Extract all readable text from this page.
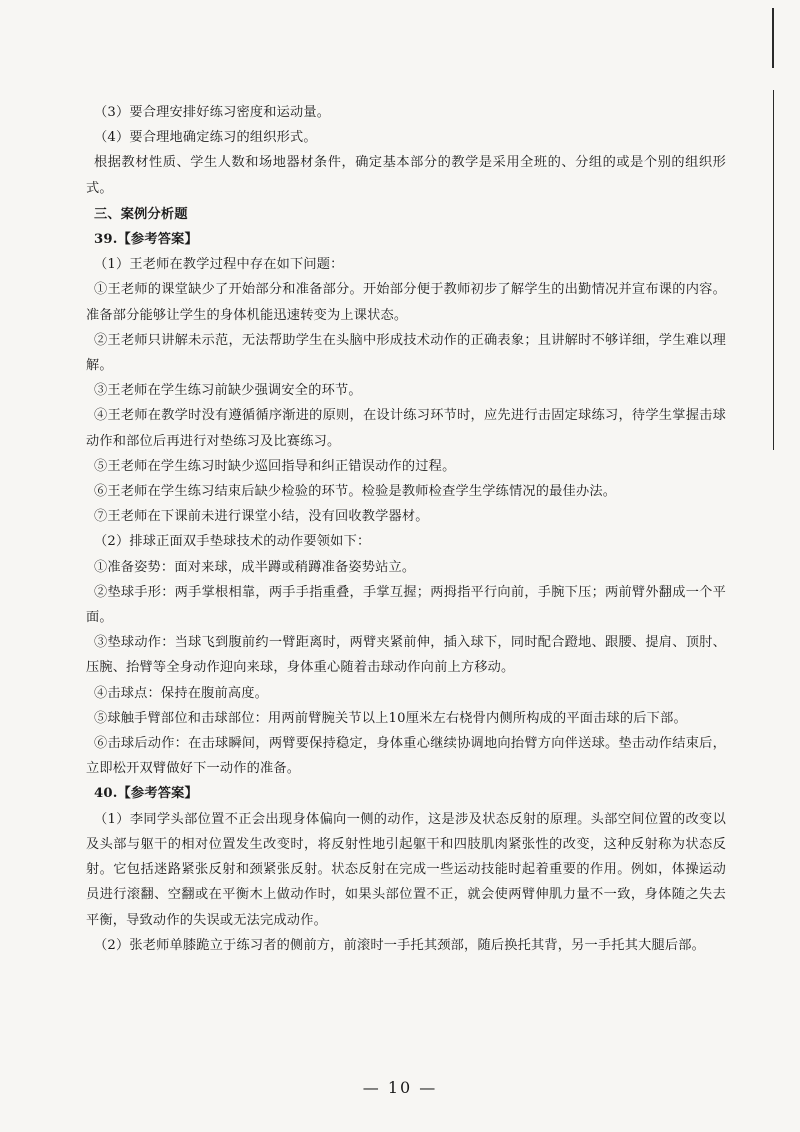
（3）要合理安排好练习密度和运动量。

（4）要合理地确定练习的组织形式。

根据教材性质、学生人数和场地器材条件，确定基本部分的教学是采用全班的、分组的或是个别的组织形式。

三、案例分析题

39.【参考答案】

（1）王老师在教学过程中存在如下问题：

①王老师的课堂缺少了开始部分和准备部分。开始部分便于教师初步了解学生的出勤情况并宣布课的内容。准备部分能够让学生的身体机能迅速转变为上课状态。

②王老师只讲解未示范，无法帮助学生在头脑中形成技术动作的正确表象；且讲解时不够详细，学生难以理解。

③王老师在学生练习前缺少强调安全的环节。

④王老师在教学时没有遵循循序渐进的原则，在设计练习环节时，应先进行击固定球练习，待学生掌握击球动作和部位后再进行对垫练习及比赛练习。

⑤王老师在学生练习时缺少巡回指导和纠正错误动作的过程。

⑥王老师在学生练习结束后缺少检验的环节。检验是教师检查学生学练情况的最佳办法。

⑦王老师在下课前未进行课堂小结，没有回收教学器材。

（2）排球正面双手垫球技术的动作要领如下：

①准备姿势：面对来球，成半蹲或稍蹲准备姿势站立。

②垫球手形：两手掌根相靠，两手手指重叠，手掌互握；两拇指平行向前，手腕下压；两前臂外翻成一个平面。

③垫球动作：当球飞到腹前约一臂距离时，两臂夹紧前伸，插入球下，同时配合蹬地、跟腰、提肩、顶肘、压腕、抬臂等全身动作迎向来球，身体重心随着击球动作向前上方移动。

④击球点：保持在腹前高度。

⑤球触手臂部位和击球部位：用两前臂腕关节以上10厘米左右桡骨内侧所构成的平面击球的后下部。

⑥击球后动作：在击球瞬间，两臂要保持稳定，身体重心继续协调地向抬臂方向伴送球。垫击动作结束后，立即松开双臂做好下一动作的准备。

40.【参考答案】

（1）李同学头部位置不正会出现身体偏向一侧的动作，这是涉及状态反射的原理。头部空间位置的改变以及头部与躯干的相对位置发生改变时，将反射性地引起躯干和四肢肌肉紧张性的改变，这种反射称为状态反射。它包括迷路紧张反射和颈紧张反射。状态反射在完成一些运动技能时起着重要的作用。例如，体操运动员进行滚翻、空翻或在平衡木上做动作时，如果头部位置不正，就会使两臂伸肌力量不一致，身体随之失去平衡，导致动作的失误或无法完成动作。

（2）张老师单膝跪立于练习者的侧前方，前滚时一手托其颈部，随后换托其背，另一手托其大腿后部。

— 10 —
